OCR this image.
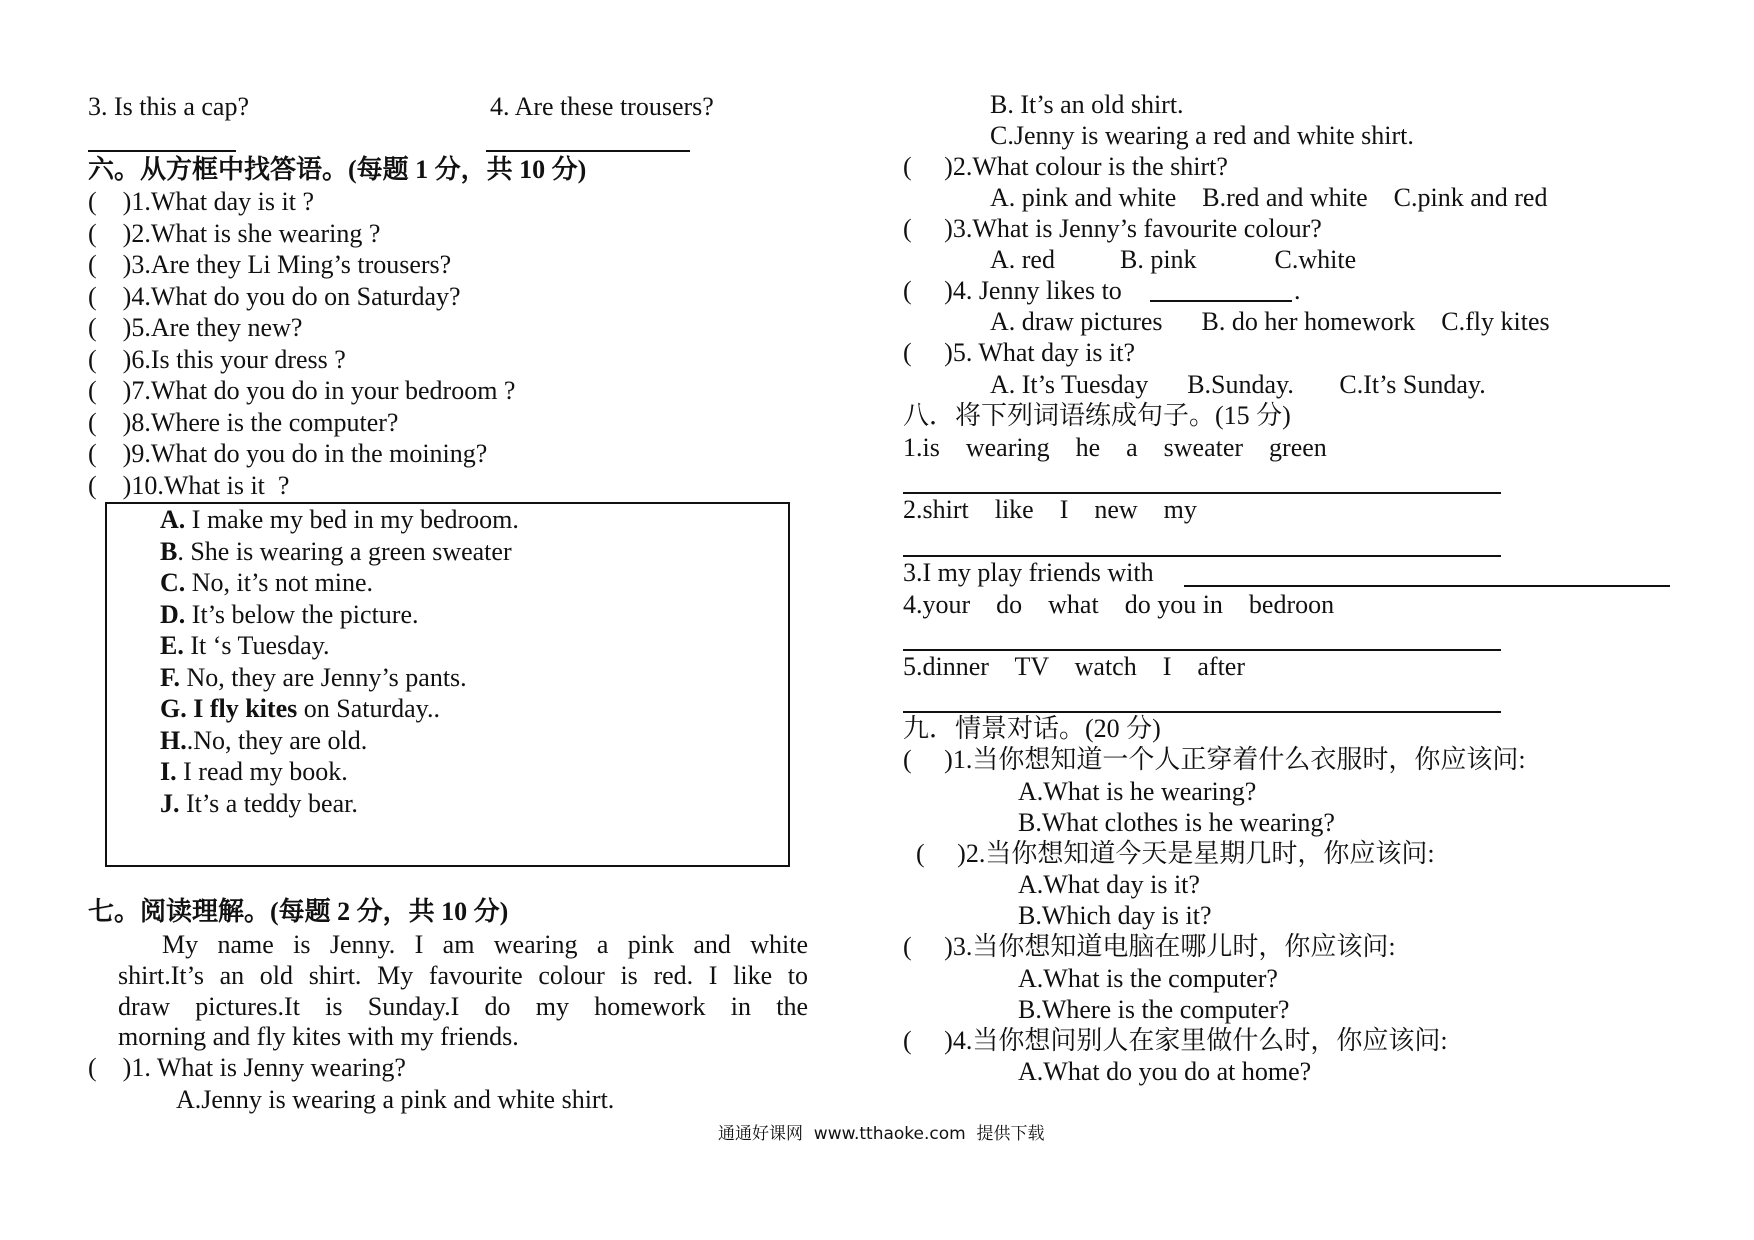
3. Is this a cap?	4. Are these trousers?
六。从方框中找答语。(每题 1 分，共 10 分)
(    )1.What day is it ?
(    )2.What is she wearing ?
(    )3.Are they Li Ming’s trousers?
(    )4.What do you do on Saturday?
(    )5.Are they new?
(    )6.Is this your dress ?
(    )7.What do you do in your bedroom ?
(    )8.Where is the computer?
(    )9.What do you do in the moining?
(    )10.What is it  ?
A. I make my bed in my bedroom.
B. She is wearing a green sweater
C. No, it’s not mine.
D. It’s below the picture.
E. It ‘s Tuesday.
F. No, they are Jenny’s pants.
G. I fly kites on Saturday..
H..No, they are old.
I. I read my book.
J. It’s a teddy bear.
七。阅读理解。(每题 2 分，共 10 分)
My name is Jenny. I am wearing a pink and white
shirt.It’s an old shirt. My favourite colour is red. I like to
draw pictures.It is Sunday.I do my homework in the
morning and fly kites with my friends.
(    )1. What is Jenny wearing?
A.Jenny is wearing a pink and white shirt.
B. It’s an old shirt.
C.Jenny is wearing a red and white shirt.
(     )2.What colour is the shirt?
A. pink and white    B.red and white    C.pink and red
(     )3.What is Jenny’s favourite colour?
A. red          B. pink            C.white
(     )4. Jenny likes to	.
A. draw pictures      B. do her homework    C.fly kites
(     )5. What day is it?
A. It’s Tuesday      B.Sunday.       C.It’s Sunday.
八．将下列词语练成句子。(15 分)
1.is    wearing    he    a    sweater    green
2.shirt    like    I    new    my
3.I my play friends with
4.your    do    what    do you in    bedroon
5.dinner    TV    watch    I    after
九．情景对话。(20 分)
(     )1.当你想知道一个人正穿着什么衣服时，你应该问:
A.What is he wearing?
B.What clothes is he wearing?
(     )2.当你想知道今天是星期几时，你应该问:
A.What day is it?
B.Which day is it?
(     )3.当你想知道电脑在哪儿时，你应该问:
A.What is the computer?
B.Where is the computer?
(     )4.当你想问别人在家里做什么时，你应该问:
A.What do you do at home?
通通好课网  www.tthaoke.com  提供下载
